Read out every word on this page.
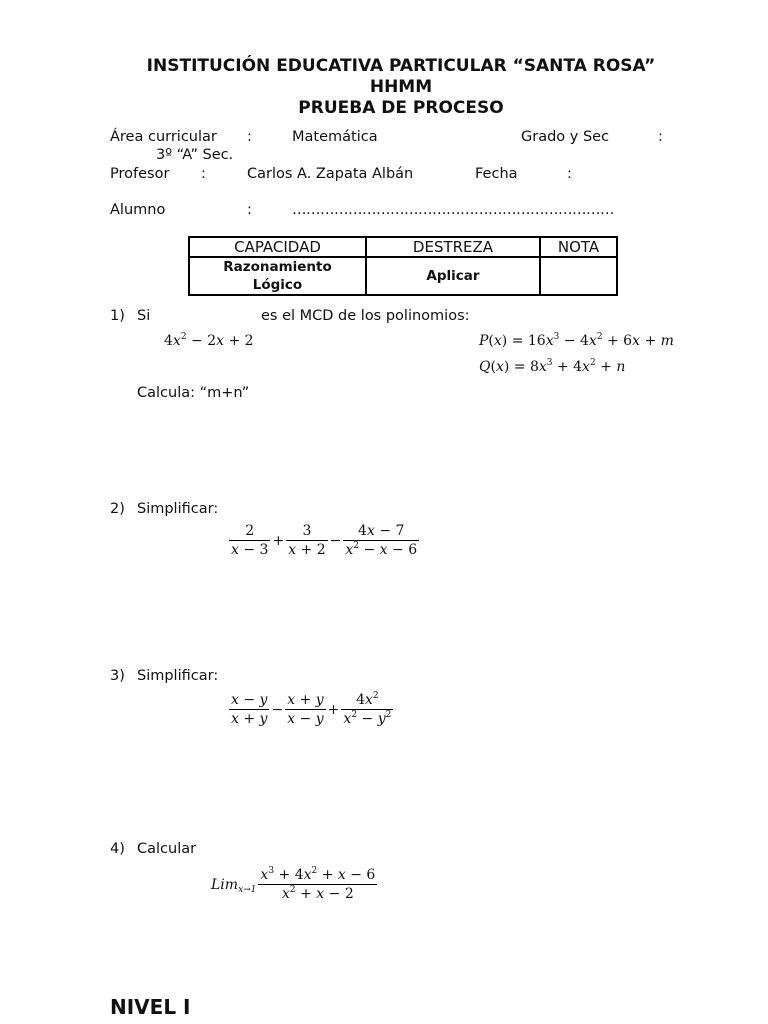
INSTITUCIÓN EDUCATIVA PARTICULAR “SANTA ROSA”
HHMM
PRUEBA DE PROCESO
Área curricular :	Matemática	Grado y Sec	:
3º “A” Sec.
Profesor :	Carlos A. Zapata Albán	Fecha	:
Alumno	:	……………………………………………………………
CAPACIDAD	DESTREZA	NOTA
Razonamiento Lógico	Aplicar	
1) Si	es el MCD de los polinomios:
$4x^2 - 2x + 2$	$P(x) = 16x^3 - 4x^2 + 6x + m$
$Q(x) = 8x^3 + 4x^2 + n$
Calcula: “m+n”
2) Simplificar:
$\frac{2}{x - 3} + \frac{3}{x + 2} - \frac{4x - 7}{x^2 - x - 6}$
3) Simplificar:
$\frac{x - y}{x + y} - \frac{x + y}{x - y} + \frac{4x^2}{x^2 - y^2}$
4) Calcular
$Lim_{x\to 1} \frac{x^3 + 4x^2 + x - 6}{x^2 + x - 2}$
NIVEL I
